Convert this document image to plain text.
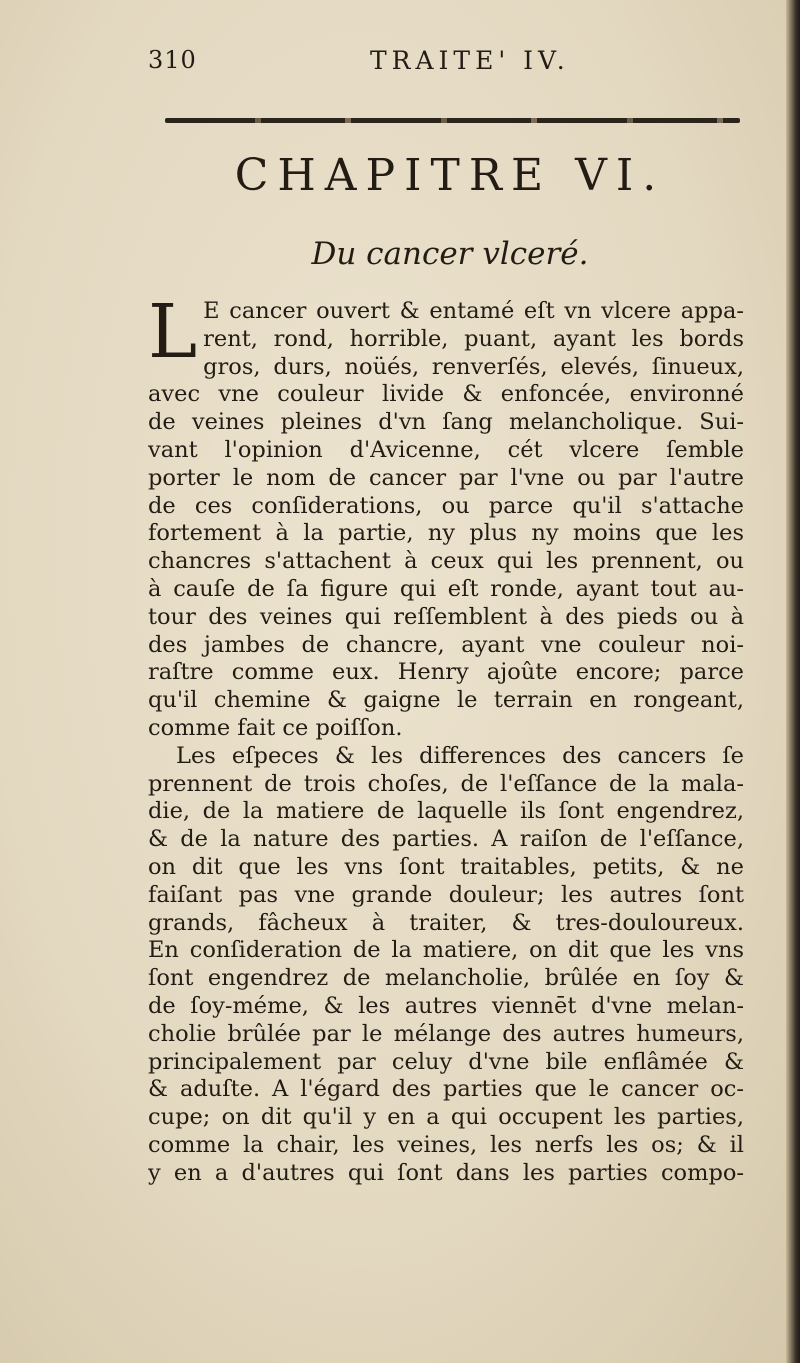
310	TRAITE' IV.
CHAPITRE VI.
Du cancer vlceré.
L E cancer ouvert & entamé eſt vn vlcere appa-
rent, rond, horrible, puant, ayant les bords
gros, durs, noüés, renverſés, elevés, ſinueux,
avec vne couleur livide & enfoncée, environné
de veines pleines d'vn ſang melancholique. Sui-
vant l'opinion d'Avicenne, cét vlcere ſemble
porter le nom de cancer par l'vne ou par l'autre
de ces conſiderations, ou parce qu'il s'attache
fortement à la partie, ny plus ny moins que les
chancres s'attachent à ceux qui les prennent, ou
à cauſe de ſa figure qui eſt ronde, ayant tout au-
tour des veines qui reſſemblent à des pieds ou à
des jambes de chancre, ayant vne couleur noi-
raſtre comme eux. Henry ajoûte encore; parce
qu'il chemine & gaigne le terrain en rongeant,
comme fait ce poiſſon.
Les eſpeces & les differences des cancers ſe
prennent de trois choſes, de l'eſſance de la mala-
die, de la matiere de laquelle ils ſont engendrez,
& de la nature des parties. A raiſon de l'eſſance,
on dit que les vns ſont traitables, petits, & ne
faiſant pas vne grande douleur; les autres ſont
grands, fâcheux à traiter, & tres-douloureux.
En conſideration de la matiere, on dit que les vns
ſont engendrez de melancholie, brûlée en ſoy &
de ſoy-méme, & les autres viennēt d'vne melan-
cholie brûlée par le mélange des autres humeurs,
principalement par celuy d'vne bile enflâmée &
& aduſte. A l'égard des parties que le cancer oc-
cupe; on dit qu'il y en a qui occupent les parties,
comme la chair, les veines, les nerfs les os; & il
y en a d'autres qui ſont dans les parties compo-
